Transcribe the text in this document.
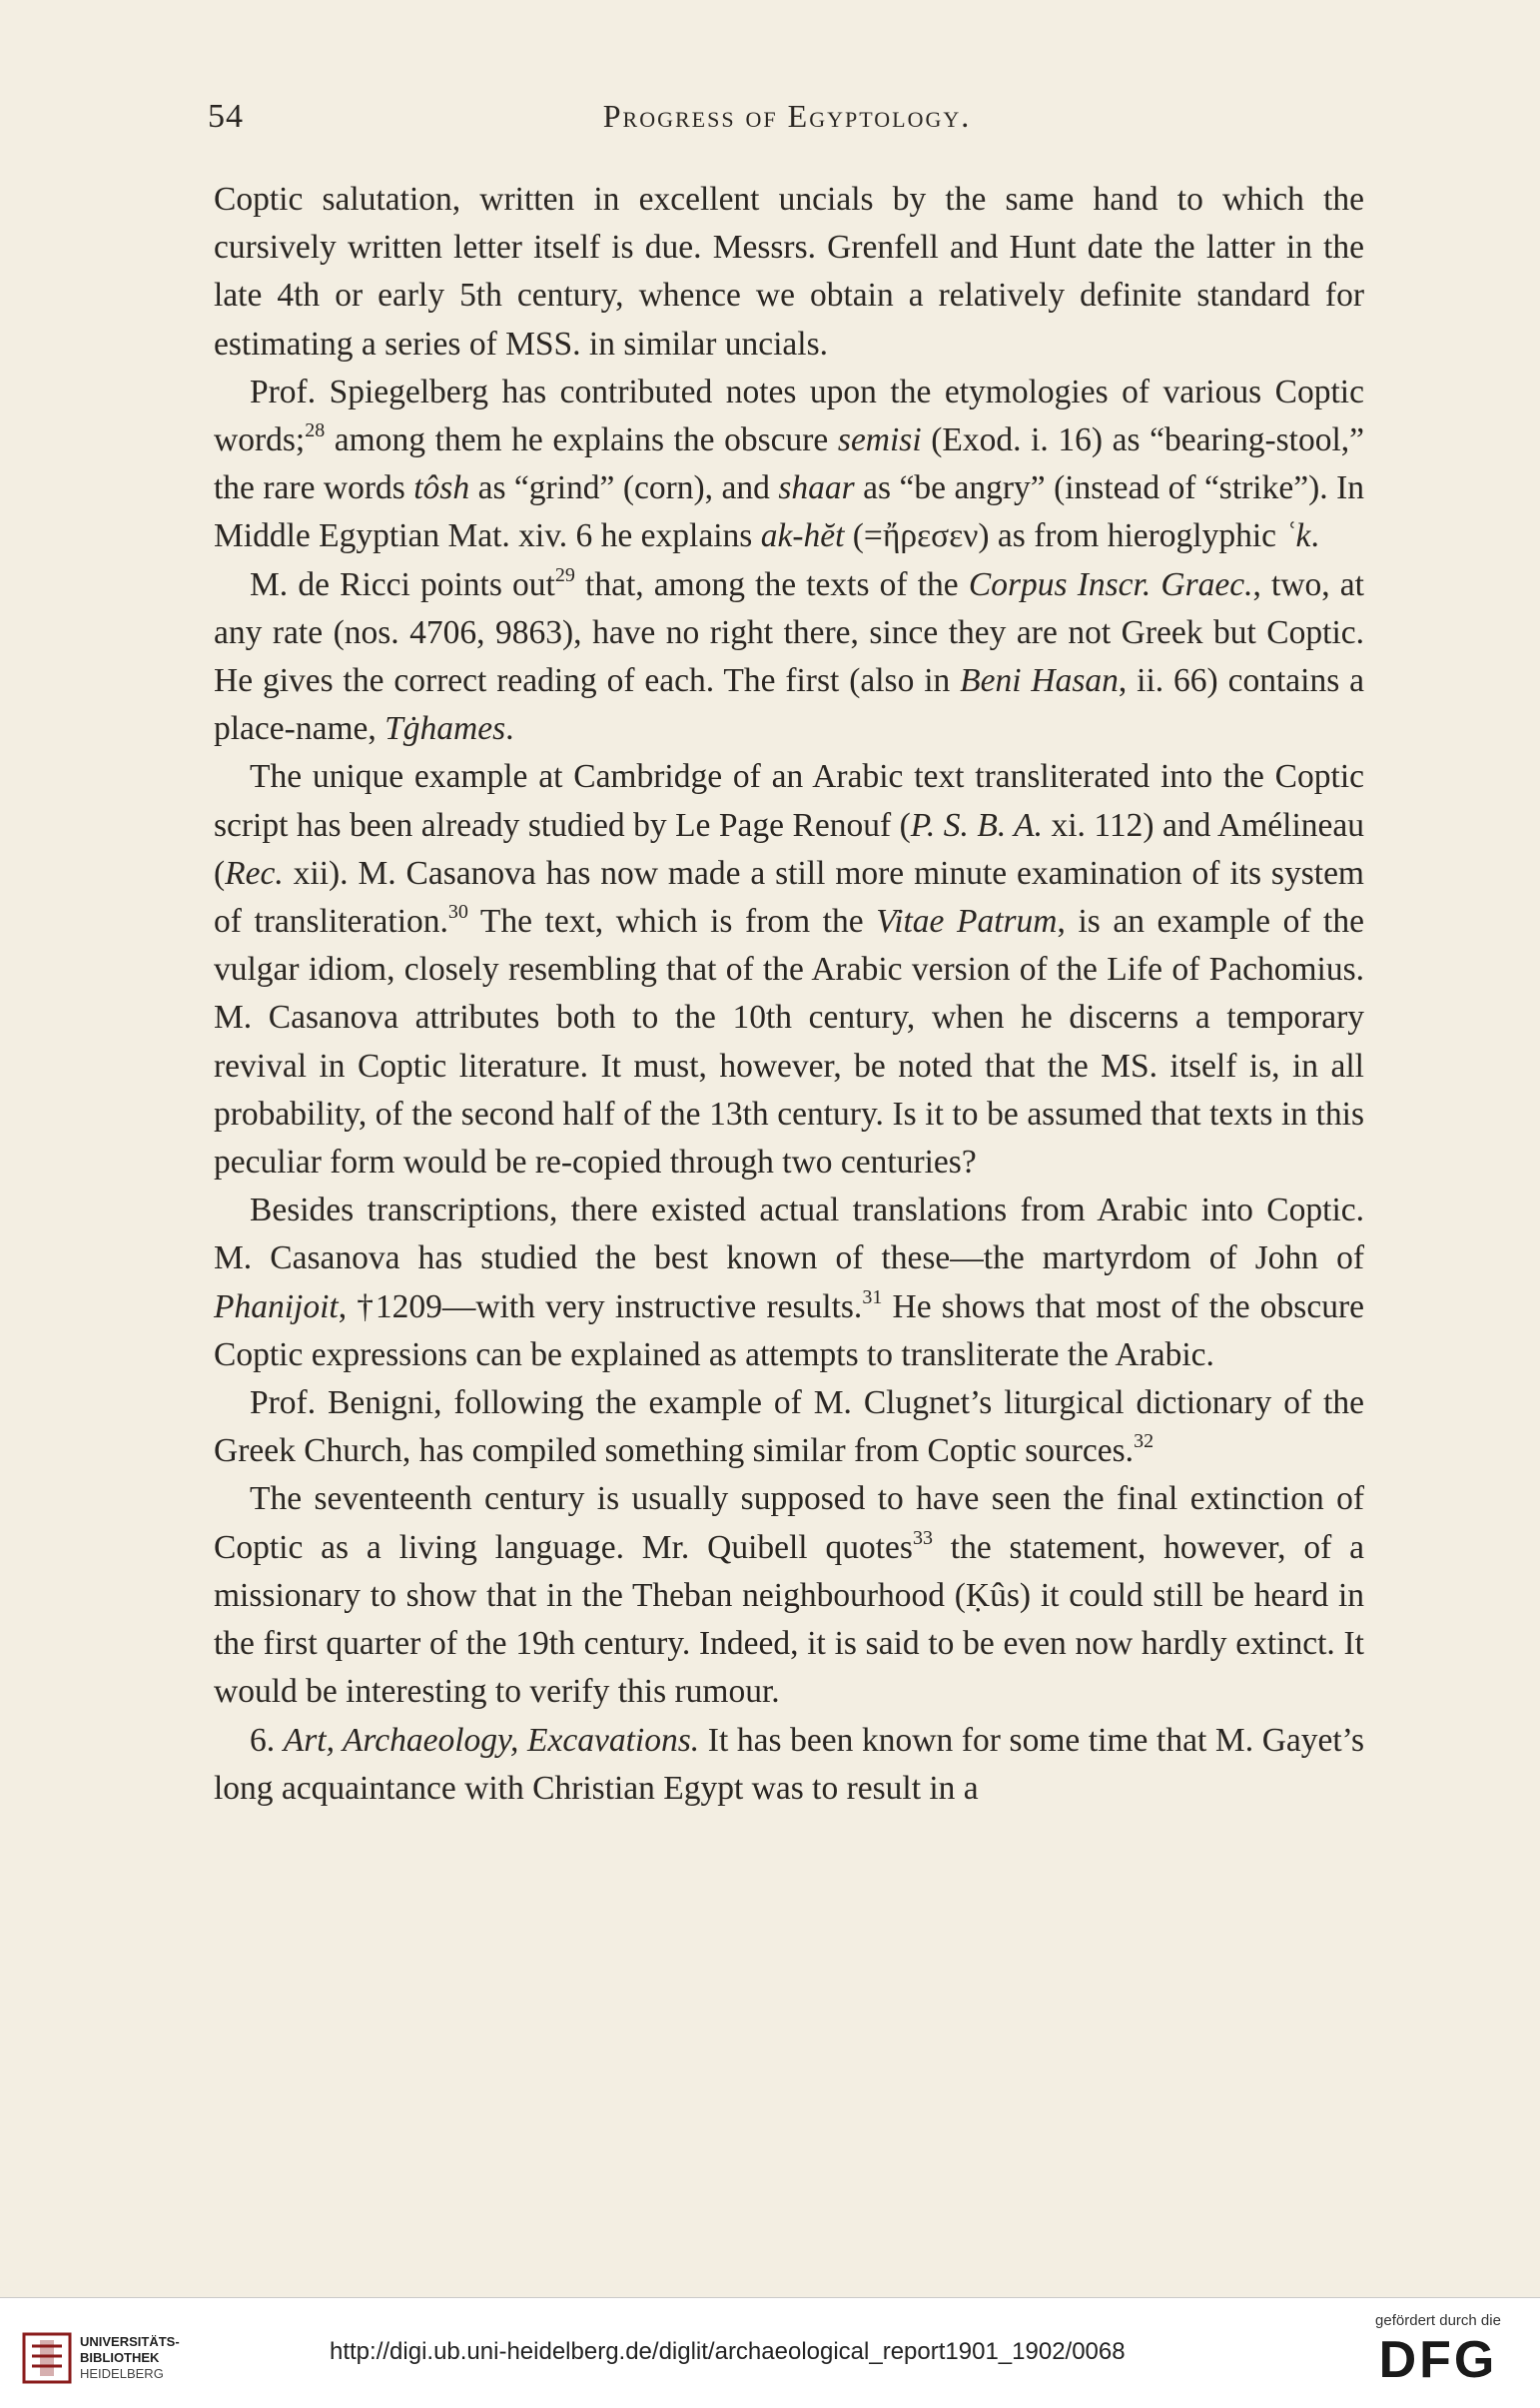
54	Progress of Egyptology.

Coptic salutation, written in excellent uncials by the same hand to which the cursively written letter itself is due. Messrs. Grenfell and Hunt date the latter in the late 4th or early 5th century, whence we obtain a relatively definite standard for estimating a series of MSS. in similar uncials.

Prof. Spiegelberg has contributed notes upon the etymologies of various Coptic words;$^{28}$ among them he explains the obscure semisi (Exod. i. 16) as “bearing-stool,” the rare words tôsh as “grind” (corn), and shaar as “be angry” (instead of “strike”). In Middle Egyptian Mat. xiv. 6 he explains ak-hĕt (=ἤρεσεν) as from hieroglyphic ʿk.

M. de Ricci points out$^{29}$ that, among the texts of the Corpus Inscr. Graec., two, at any rate (nos. 4706, 9863), have no right there, since they are not Greek but Coptic. He gives the correct reading of each. The first (also in Beni Hasan, ii. 66) contains a place-name, Tġhames.

The unique example at Cambridge of an Arabic text transliterated into the Coptic script has been already studied by Le Page Renouf (P. S. B. A. xi. 112) and Amélineau (Rec. xii). M. Casanova has now made a still more minute examination of its system of transliteration.$^{30}$ The text, which is from the Vitae Patrum, is an example of the vulgar idiom, closely resembling that of the Arabic version of the Life of Pachomius. M. Casanova attributes both to the 10th century, when he discerns a temporary revival in Coptic literature. It must, however, be noted that the MS. itself is, in all probability, of the second half of the 13th century. Is it to be assumed that texts in this peculiar form would be re-copied through two centuries?

Besides transcriptions, there existed actual translations from Arabic into Coptic. M. Casanova has studied the best known of these—the martyrdom of John of Phanijoit, †1209—with very instructive results.$^{31}$ He shows that most of the obscure Coptic expressions can be explained as attempts to transliterate the Arabic.

Prof. Benigni, following the example of M. Clugnet’s liturgical dictionary of the Greek Church, has compiled something similar from Coptic sources.$^{32}$

The seventeenth century is usually supposed to have seen the final extinction of Coptic as a living language. Mr. Quibell quotes$^{33}$ the statement, however, of a missionary to show that in the Theban neighbourhood (Ḳûs) it could still be heard in the first quarter of the 19th century. Indeed, it is said to be even now hardly extinct. It would be interesting to verify this rumour.

6. Art, Archaeology, Excavations. It has been known for some time that M. Gayet’s long acquaintance with Christian Egypt was to result in a

UNIVERSITÄTS-
BIBLIOTHEK
HEIDELBERG
http://digi.ub.uni-heidelberg.de/diglit/archaeological_report1901_1902/0068
gefördert durch die
DFG
